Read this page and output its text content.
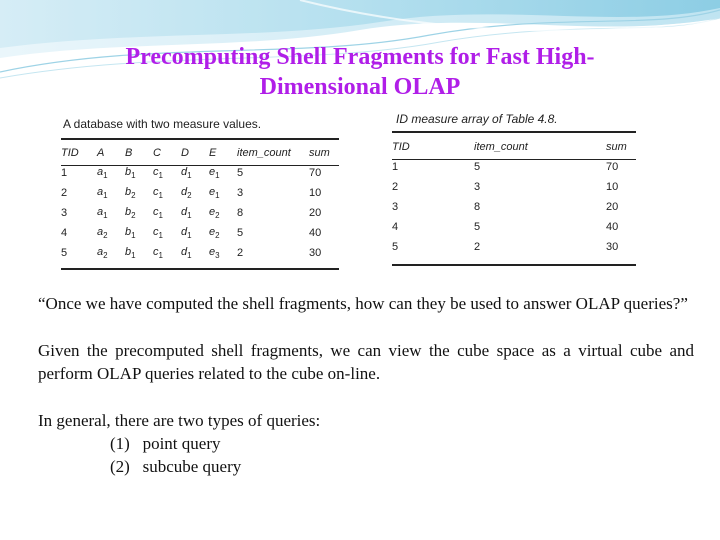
Precomputing Shell Fragments for Fast High-
Dimensional OLAP
A database with two measure values.
TID	A	B	C	D	E	item_count	sum
1	$a_1$	$b_1$	$c_1$	$d_1$	$e_1$	5	70
2	$a_1$	$b_2$	$c_1$	$d_2$	$e_1$	3	10
3	$a_1$	$b_2$	$c_1$	$d_1$	$e_2$	8	20
4	$a_2$	$b_1$	$c_1$	$d_1$	$e_2$	5	40
5	$a_2$	$b_1$	$c_1$	$d_1$	$e_3$	2	30
ID measure array of Table 4.8.
TID	item_count	sum
1	5	70
2	3	10
3	8	20
4	5	40
5	2	30

“Once we have computed the shell fragments, how can they be used to answer OLAP queries?”

Given the precomputed shell fragments, we can view the cube space as a virtual cube and perform OLAP queries related to the cube on-line.

In general, there are two types of queries:

(1)   point query
(2)   subcube query
